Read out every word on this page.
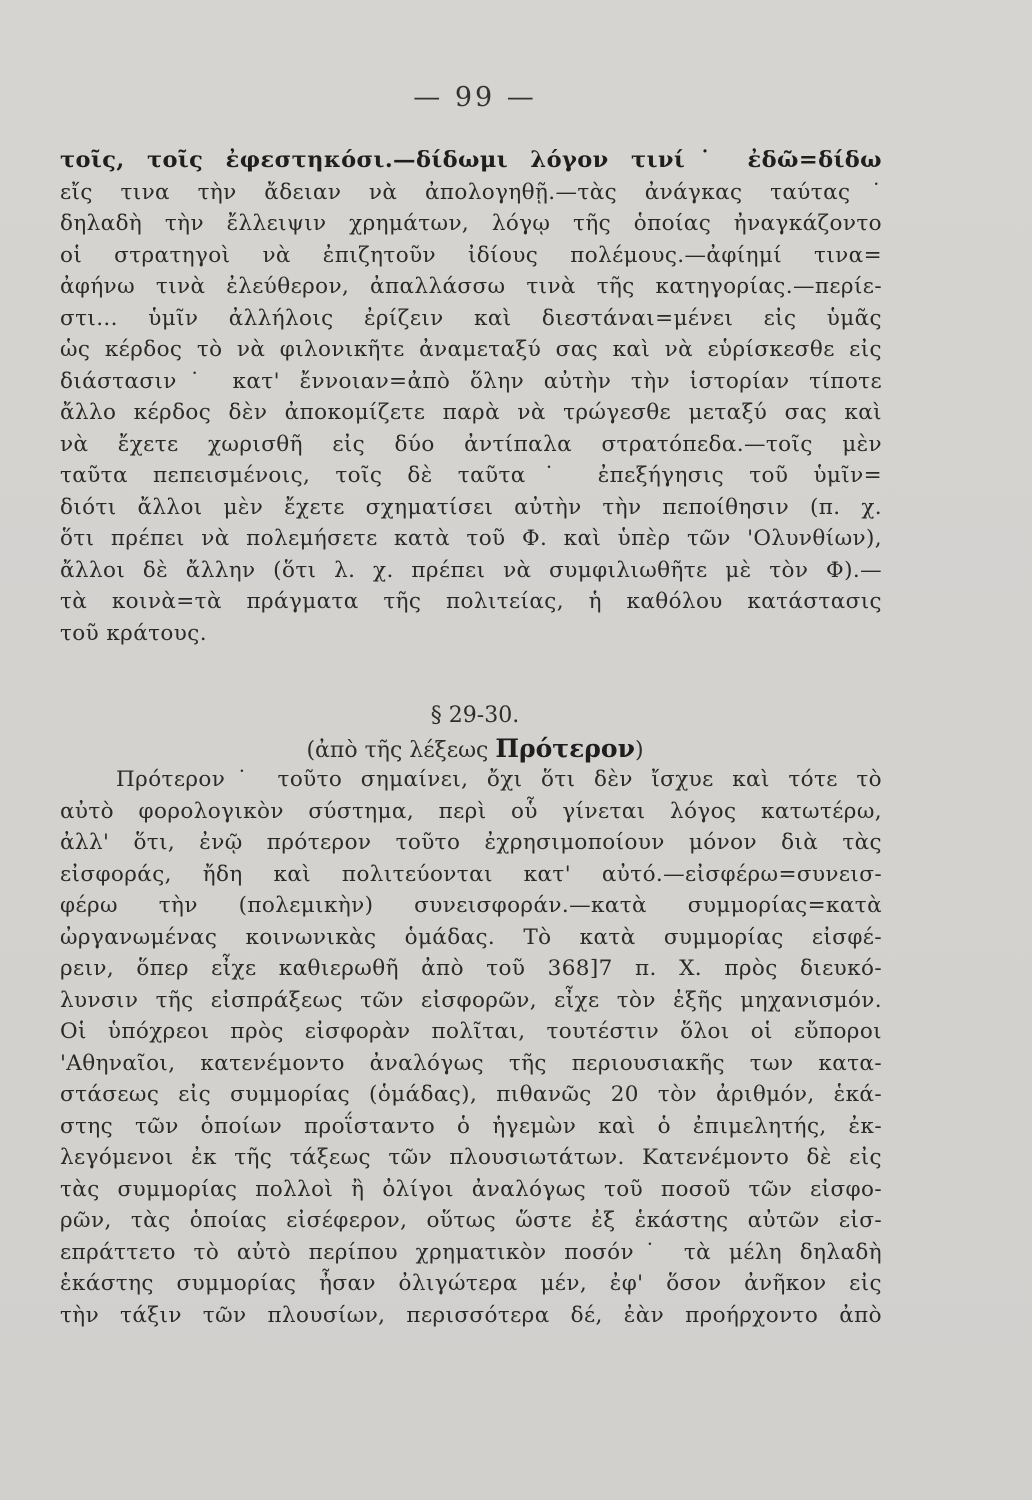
— 99 —
τοῖς, τοῖς ἐφεστηκόσι.—δίδωμι λόγον τινί˙ ἐδῶ=δίδω
εἴς τινα τὴν ἄδειαν νὰ ἀπολογηθῇ.—τὰς ἀνάγκας ταύτας˙
δηλαδὴ τὴν ἔλλειψιν χρημάτων, λόγῳ τῆς ὁποίας ἠναγκάζοντο
οἱ στρατηγοὶ νὰ ἐπιζητοῦν ἰδίους πολέμους.—ἀφίημί τινα=
ἀφήνω τινὰ ἐλεύθερον, ἀπαλλάσσω τινὰ τῆς κατηγορίας.—περίε-
στι... ὑμῖν ἀλλήλοις ἐρίζειν καὶ διεστάναι=μένει εἰς ὑμᾶς
ὡς κέρδος τὸ νὰ φιλονικῆτε ἀναμεταξύ σας καὶ νὰ εὑρίσκεσθε εἰς
διάστασιν˙ κατ' ἔννοιαν=ἀπὸ ὅλην αὐτὴν τὴν ἱστορίαν τίποτε
ἄλλο κέρδος δὲν ἀποκομίζετε παρὰ νὰ τρώγεσθε μεταξύ σας καὶ
νὰ ἔχετε χωρισθῆ εἰς δύο ἀντίπαλα στρατόπεδα.—τοῖς μὲν
ταῦτα πεπεισμένοις, τοῖς δὲ ταῦτα˙ ἐπεξήγησις τοῦ ὑμῖν=
διότι ἄλλοι μὲν ἔχετε σχηματίσει αὐτὴν τὴν πεποίθησιν (π. χ.
ὅτι πρέπει νὰ πολεμήσετε κατὰ τοῦ Φ. καὶ ὑπὲρ τῶν 'Ολυνθίων),
ἄλλοι δὲ ἄλλην (ὅτι λ. χ. πρέπει νὰ συμφιλιωθῆτε μὲ τὸν Φ).—
τὰ κοινὰ=τὰ πράγματα τῆς πολιτείας, ἡ καθόλου κατάστασις
τοῦ κράτους.
§ 29-30.
(ἀπὸ τῆς λέξεως Πρότερον)
Πρότερον˙ τοῦτο σημαίνει, ὄχι ὅτι δὲν ἴσχυε καὶ τότε τὸ
αὐτὸ φορολογικὸν σύστημα, περὶ οὗ γίνεται λόγος κατωτέρω,
ἀλλ' ὅτι, ἐνῷ πρότερον τοῦτο ἐχρησιμοποίουν μόνον διὰ τὰς
εἰσφοράς, ἤδη καὶ πολιτεύονται κατ' αὐτό.—εἰσφέρω=συνεισ-
φέρω τὴν (πολεμικὴν) συνεισφοράν.—κατὰ συμμορίας=κατὰ
ὠργανωμένας κοινωνικὰς ὁμάδας. Τὸ κατὰ συμμορίας εἰσφέ-
ρειν, ὅπερ εἶχε καθιερωθῆ ἀπὸ τοῦ 368]7 π. Χ. πρὸς διευκό-
λυνσιν τῆς εἰσπράξεως τῶν εἰσφορῶν, εἶχε τὸν ἑξῆς μηχανισμόν.
Οἱ ὑπόχρεοι πρὸς εἰσφορὰν πολῖται, τουτέστιν ὅλοι οἱ εὔποροι
'Αθηναῖοι, κατενέμοντο ἀναλόγως τῆς περιουσιακῆς των κατα-
στάσεως εἰς συμμορίας (ὁμάδας), πιθανῶς 20 τὸν ἀριθμόν, ἑκά-
στης τῶν ὁποίων προΐσταντο ὁ ἡγεμὼν καὶ ὁ ἐπιμελητής, ἐκ-
λεγόμενοι ἐκ τῆς τάξεως τῶν πλουσιωτάτων. Κατενέμοντο δὲ εἰς
τὰς συμμορίας πολλοὶ ἢ ὀλίγοι ἀναλόγως τοῦ ποσοῦ τῶν εἰσφο-
ρῶν, τὰς ὁποίας εἰσέφερον, οὕτως ὥστε ἐξ ἑκάστης αὐτῶν εἰσ-
επράττετο τὸ αὐτὸ περίπου χρηματικὸν ποσόν˙ τὰ μέλη δηλαδὴ
ἑκάστης συμμορίας ἦσαν ὀλιγώτερα μέν, ἐφ' ὅσον ἀνῆκον εἰς
τὴν τάξιν τῶν πλουσίων, περισσότερα δέ, ἐὰν προήρχοντο ἀπὸ
